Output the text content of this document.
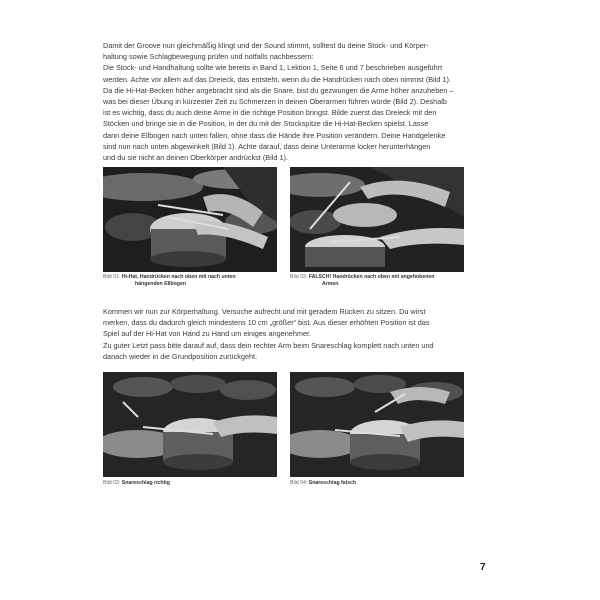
Damit der Groove nun gleichmäßig klingt und der Sound stimmt, solltest du deine Stock- und Körper-
haltung sowie Schlagbewegung prüfen und notfalls nachbessern:
Die Stock- und Handhaltung sollte wie bereits in Band 1, Lektion 1, Seite 6 und 7 beschrieben ausgeführt
werden. Achte vor allem auf das Dreieck, das entsteht, wenn du die Handrücken nach oben nimmst (Bild 1).
Da die Hi-Hat-Becken höher angebracht sind als die Snare, bist du gezwungen die Arme höher anzuheben –
was bei dieser Übung in kürzester Zeit zu Schmerzen in deinen Oberarmen führen würde (Bild 2). Deshalb
ist es wichtig, dass du auch deine Arme in die richtige Position bringst. Bilde zuerst das Dreieck mit den
Stöcken und bringe sie in die Position, in der du mit der Stockspitze die Hi-Hat-Becken spielst. Lasse
dann deine Ellbogen nach unten fallen, ohne dass die Hände ihre Position verändern. Deine Handgelenke
sind nun nach unten abgewinkelt (Bild 1). Achte darauf, dass deine Unterarme locker herunterhängen
und du sie nicht an deinen Oberkörper andrückst (Bild 1).

Bild 01: Hi-Hat, Handrücken nach oben mit nach unten
hängenden Ellbogen
Bild 02: FALSCH! Handrücken nach oben mit angehobenen
Armen

Kommen wir nun zur Körperhaltung. Versuche aufrecht und mit geradem Rücken zu sitzen. Du wirst
merken, dass du dadurch gleich mindestens 10 cm „größer“ bist. Aus dieser erhöhten Position ist das
Spiel auf der Hi-Hat von Hand zu Hand um einiges angenehmer.
Zu guter Letzt pass bitte darauf auf, dass dein rechter Arm beim Snareschlag komplett nach unten und
danach wieder in die Grundposition zurückgeht.

Bild 03: Snareschlag richtig	Bild 04: Snareschlag falsch
7
